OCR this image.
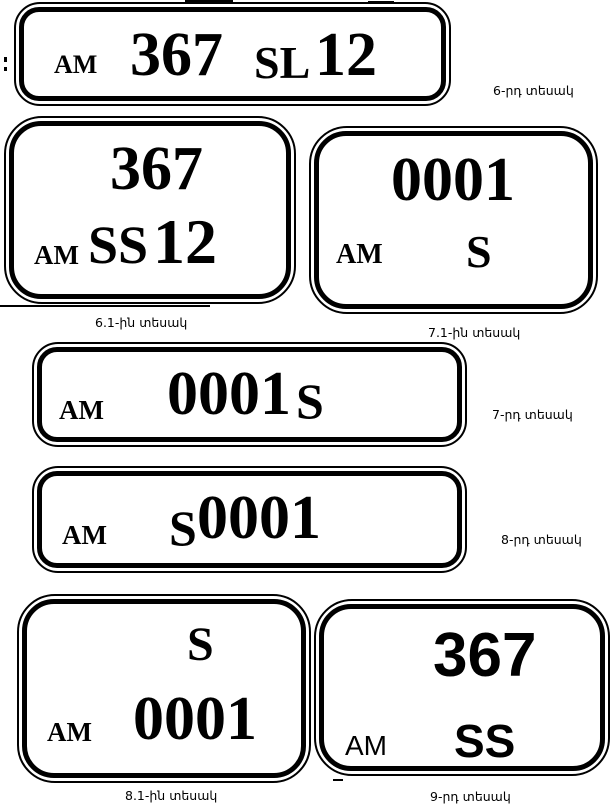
AM 367 SL 12
6-րդ տեսակ
367
AM SS 12
6.1-ին տեսակ
0001
AM S
7.1-ին տեսակ
AM 0001 S	7-րդ տեսակ
AM S 0001	8-րդ տեսակ
S
0001
AM
8.1-ին տեսակ
367
AM SS
9-րդ տեսակ
